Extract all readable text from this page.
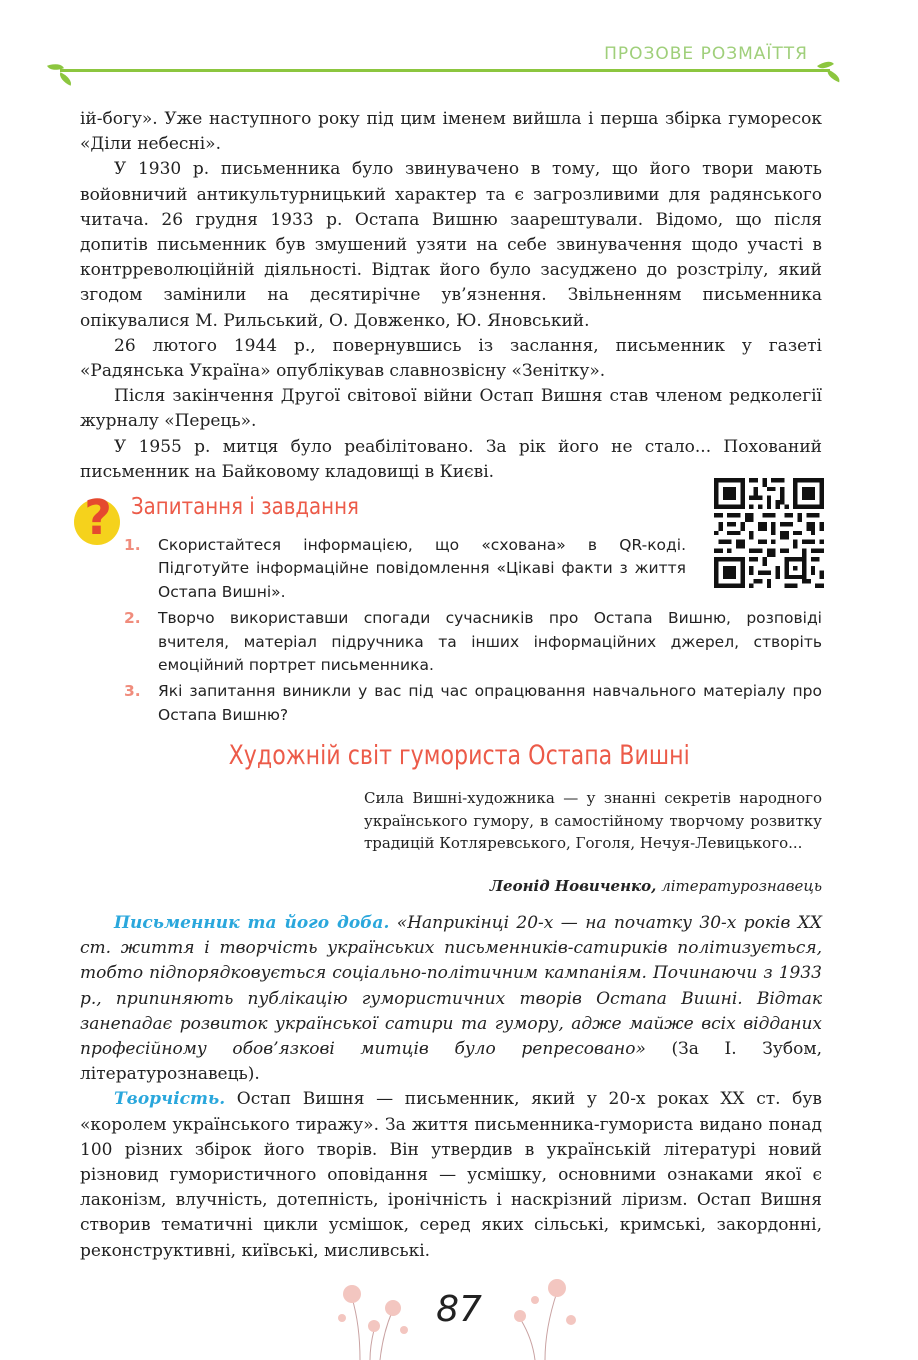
ПРОЗОВЕ РОЗМАЇТТЯ

ій-богу». Уже наступного року під цим іменем вийшла і перша збірка гуморесок «Діли небесні».

У 1930 р. письменника було звинувачено в тому, що його твори мають войовничий антикультурницький характер та є загрозливими для радянського читача. 26 грудня 1933 р. Остапа Вишню заарештували. Відомо, що після допитів письменник був змушений узяти на себе звинувачення щодо участі в контрреволюційній діяльності. Відтак його було засуджено до розстрілу, який згодом замінили на десятирічне ув’язнення. Звільненням письменника опікувалися М. Рильський, О. Довженко, Ю. Яновський.

26 лютого 1944 р., повернувшись із заслання, письменник у газеті «Радянська Україна» опублікував славнозвісну «Зенітку».

Після закінчення Другої світової війни Остап Вишня став членом редколегії журналу «Перець».

У 1955 р. митця було реабілітовано. За рік його не стало... Похований письменник на Байковому кладовищі в Києві.

? Запитання і завдання
1. Скористайтеся інформацією, що «схована» в QR-коді. Підготуйте інформаційне повідомлення «Цікаві факти з життя Остапа Вишні».
2. Творчо використавши спогади сучасників про Остапа Вишню, розповіді вчителя, матеріал підручника та інших інформаційних джерел, створіть емоційний портрет письменника.
3. Які запитання виникли у вас під час опрацювання навчального матеріалу про Остапа Вишню?
Художній світ гумориста Остапа Вишні
Сила Вишні-художника — у знанні секретів народного українського гумору, в самостійному творчому розвитку традицій Котляревського, Гоголя, Нечуя-Левицького...
Леонід Новиченко, літературознавець

Письменник та його доба. «Наприкінці 20-х — на початку 30-х років ХХ ст. життя і творчість українських письменників-сатириків політизується, тобто підпорядковується соціально-політичним кампаніям. Починаючи з 1933 р., припиняють публікацію гумористичних творів Остапа Вишні. Відтак занепадає розвиток української сатири та гумору, адже майже всіх відданих професійному обов’язкові митців було репресовано» (За І. Зубом, літературознавець).

Творчість. Остап Вишня — письменник, який у 20-х роках ХХ ст. був «королем українського тиражу». За життя письменника-гумориста видано понад 100 різних збірок його творів. Він утвердив в українській літературі новий різновид гумористичного оповідання — усмішку, основними ознаками якої є лаконізм, влучність, дотепність, іронічність і наскрізний ліризм. Остап Вишня створив тематичні цикли усмішок, серед яких сільські, кримські, закордонні, реконструктивні, київські, мисливські.

87
